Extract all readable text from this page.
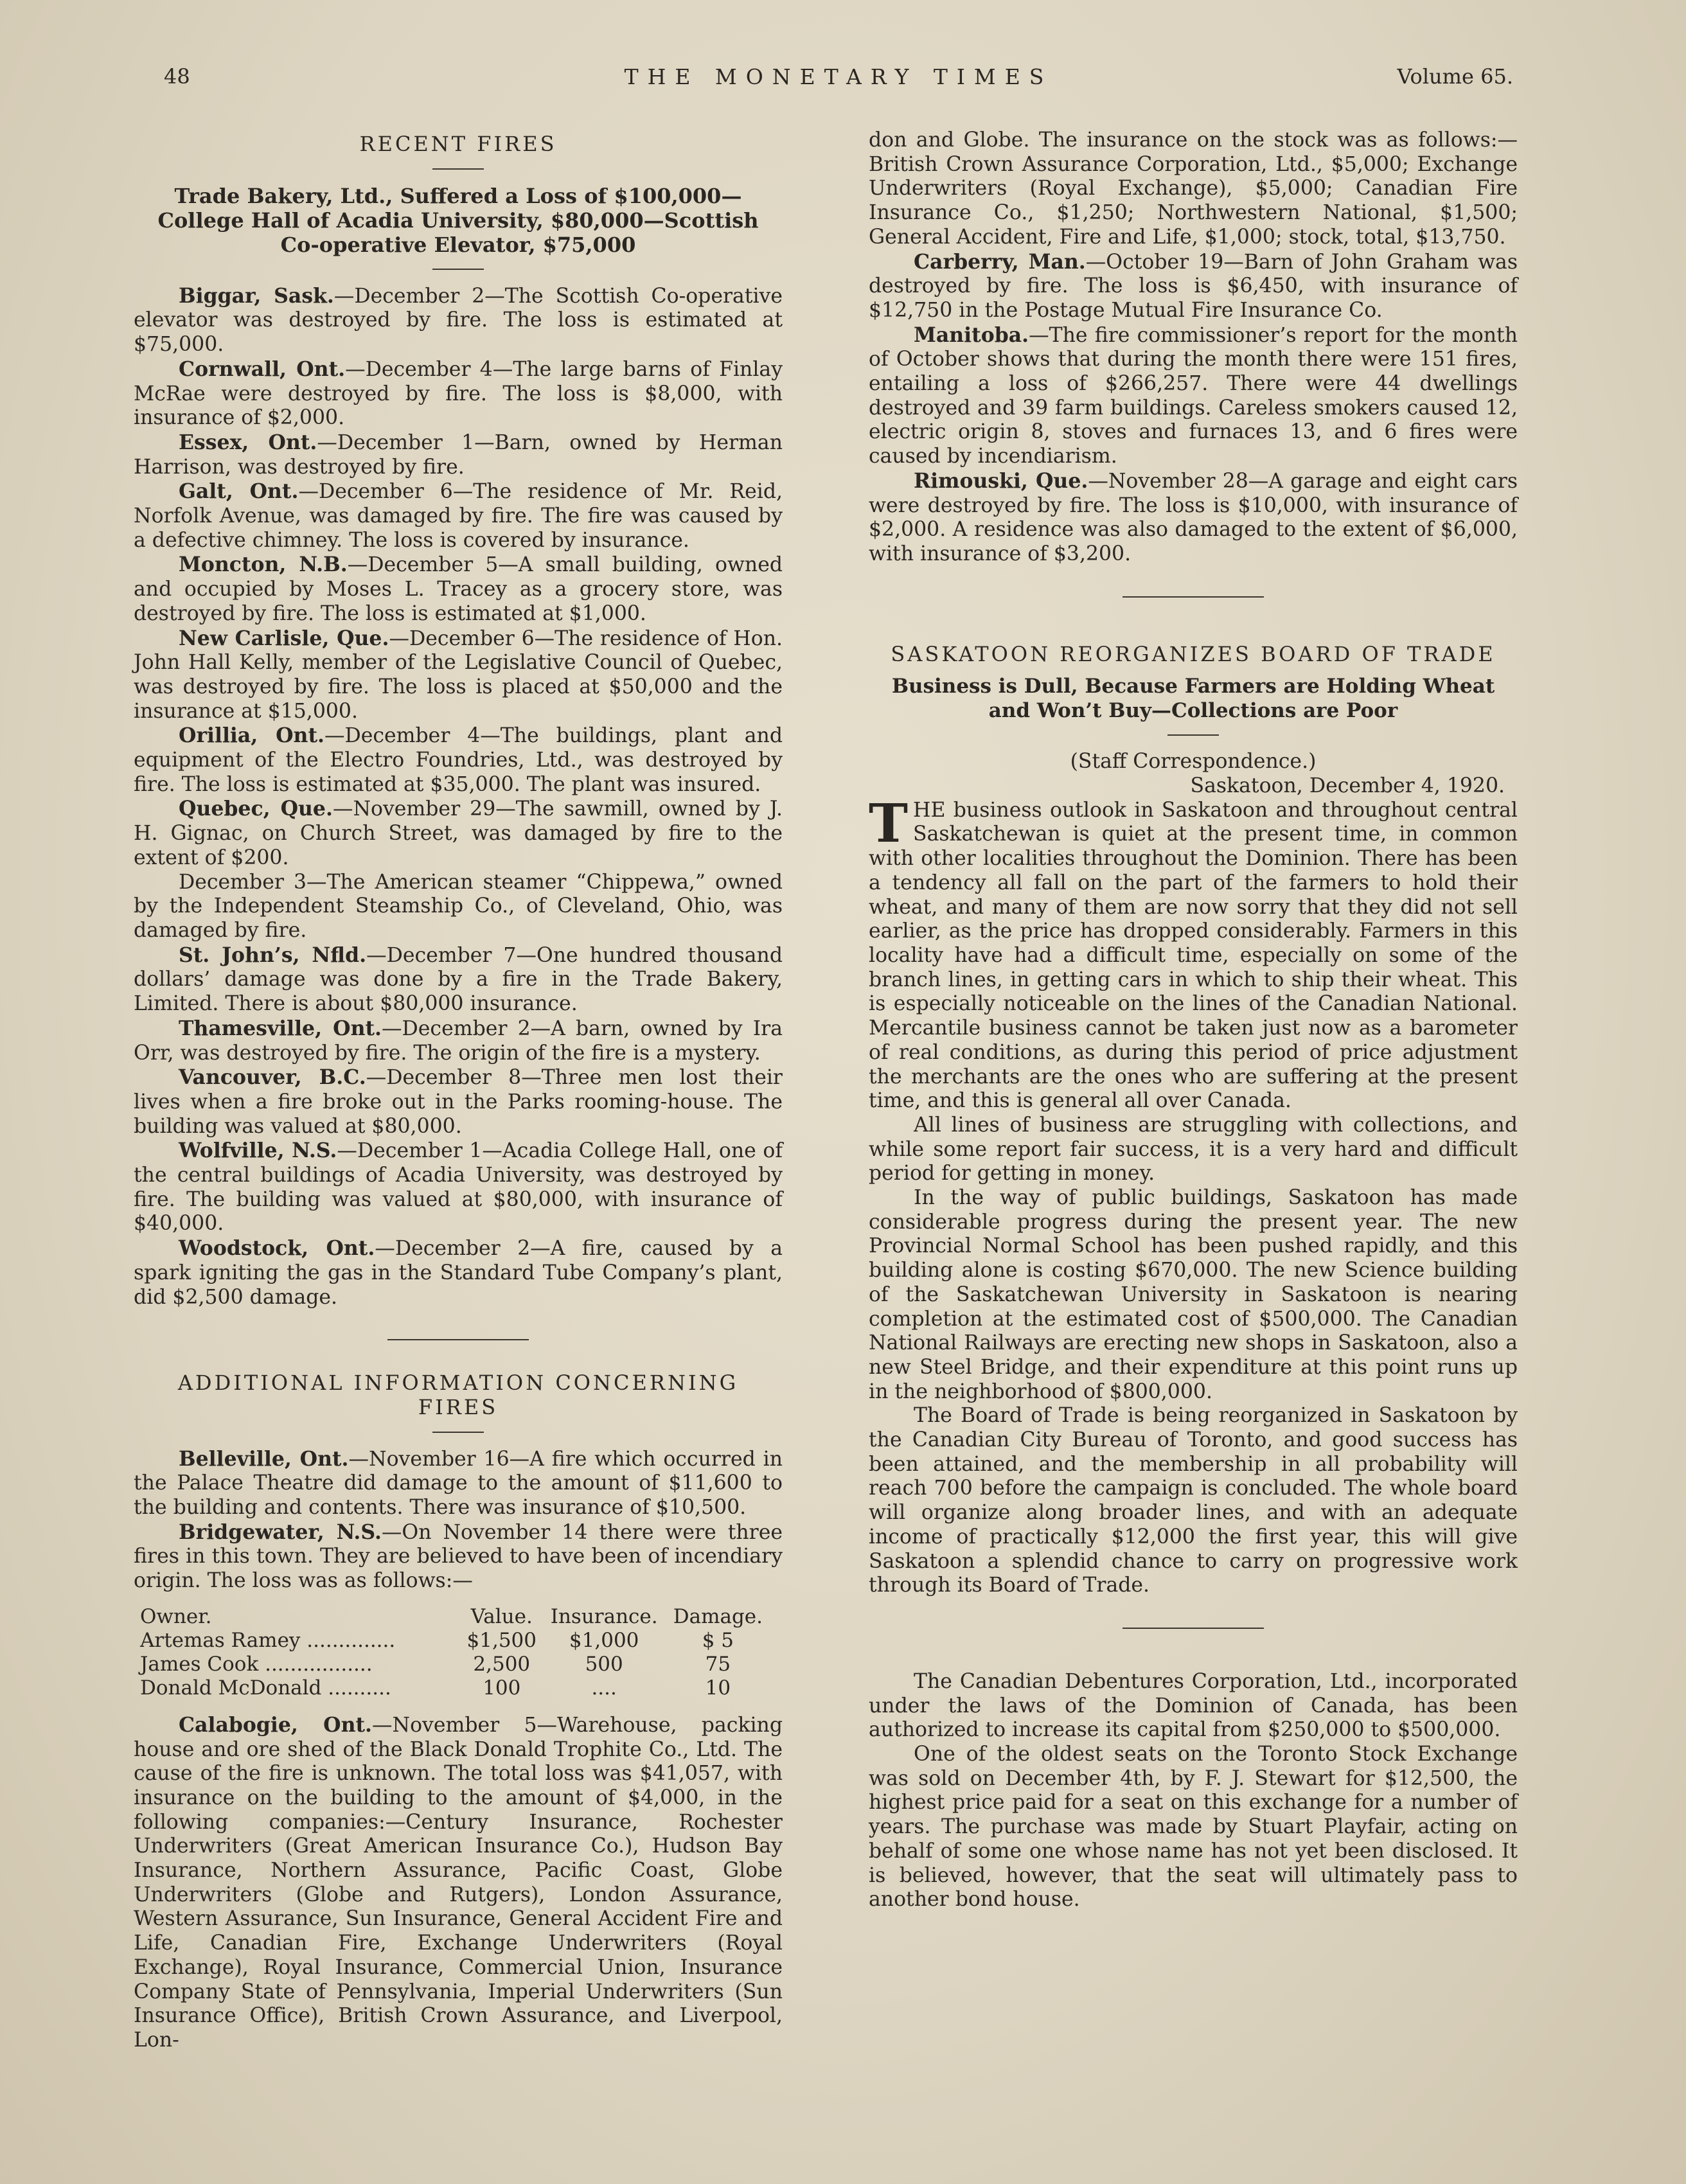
48	THE MONETARY TIMES	Volume 65.
RECENT FIRES
Trade Bakery, Ltd., Suffered a Loss of $100,000—College Hall of Acadia University, $80,000—Scottish Co-operative Elevator, $75,000

Biggar, Sask.—December 2—The Scottish Co-operative elevator was destroyed by fire. The loss is estimated at $75,000.

Cornwall, Ont.—December 4—The large barns of Finlay McRae were destroyed by fire. The loss is $8,000, with insurance of $2,000.

Essex, Ont.—December 1—Barn, owned by Herman Harrison, was destroyed by fire.

Galt, Ont.—December 6—The residence of Mr. Reid, Norfolk Avenue, was damaged by fire. The fire was caused by a defective chimney. The loss is covered by insurance.

Moncton, N.B.—December 5—A small building, owned and occupied by Moses L. Tracey as a grocery store, was destroyed by fire. The loss is estimated at $1,000.

New Carlisle, Que.—December 6—The residence of Hon. John Hall Kelly, member of the Legislative Council of Quebec, was destroyed by fire. The loss is placed at $50,000 and the insurance at $15,000.

Orillia, Ont.—December 4—The buildings, plant and equipment of the Electro Foundries, Ltd., was destroyed by fire. The loss is estimated at $35,000. The plant was insured.

Quebec, Que.—November 29—The sawmill, owned by J. H. Gignac, on Church Street, was damaged by fire to the extent of $200.

December 3—The American steamer “Chippewa,” owned by the Independent Steamship Co., of Cleveland, Ohio, was damaged by fire.

St. John’s, Nfld.—December 7—One hundred thousand dollars’ damage was done by a fire in the Trade Bakery, Limited. There is about $80,000 insurance.

Thamesville, Ont.—December 2—A barn, owned by Ira Orr, was destroyed by fire. The origin of the fire is a mystery.

Vancouver, B.C.—December 8—Three men lost their lives when a fire broke out in the Parks rooming-house. The building was valued at $80,000.

Wolfville, N.S.—December 1—Acadia College Hall, one of the central buildings of Acadia University, was destroyed by fire. The building was valued at $80,000, with insurance of $40,000.

Woodstock, Ont.—December 2—A fire, caused by a spark igniting the gas in the Standard Tube Company’s plant, did $2,500 damage.

ADDITIONAL INFORMATION CONCERNING FIRES

Belleville, Ont.—November 16—A fire which occurred in the Palace Theatre did damage to the amount of $11,600 to the building and contents. There was insurance of $10,500.

Bridgewater, N.S.—On November 14 there were three fires in this town. They are believed to have been of incendiary origin. The loss was as follows:—

Owner.	Value.	Insurance.	Damage.
Artemas Ramey ..............	$1,500	$1,000	$ 5
James Cook .................	2,500	500	75
Donald McDonald ..........	100	....	10

Calabogie, Ont.—November 5—Warehouse, packing house and ore shed of the Black Donald Trophite Co., Ltd. The cause of the fire is unknown. The total loss was $41,057, with insurance on the building to the amount of $4,000, in the following companies:—Century Insurance, Rochester Underwriters (Great American Insurance Co.), Hudson Bay Insurance, Northern Assurance, Pacific Coast, Globe Underwriters (Globe and Rutgers), London Assurance, Western Assurance, Sun Insurance, General Accident Fire and Life, Canadian Fire, Exchange Underwriters (Royal Exchange), Royal Insurance, Commercial Union, Insurance Company State of Pennsylvania, Imperial Underwriters (Sun Insurance Office), British Crown Assurance, and Liverpool, Lon-

don and Globe. The insurance on the stock was as follows:—British Crown Assurance Corporation, Ltd., $5,000; Exchange Underwriters (Royal Exchange), $5,000; Canadian Fire Insurance Co., $1,250; Northwestern National, $1,500; General Accident, Fire and Life, $1,000; stock, total, $13,750.

Carberry, Man.—October 19—Barn of John Graham was destroyed by fire. The loss is $6,450, with insurance of $12,750 in the Postage Mutual Fire Insurance Co.

Manitoba.—The fire commissioner’s report for the month of October shows that during the month there were 151 fires, entailing a loss of $266,257. There were 44 dwellings destroyed and 39 farm buildings. Careless smokers caused 12, electric origin 8, stoves and furnaces 13, and 6 fires were caused by incendiarism.

Rimouski, Que.—November 28—A garage and eight cars were destroyed by fire. The loss is $10,000, with insurance of $2,000. A residence was also damaged to the extent of $6,000, with insurance of $3,200.

SASKATOON REORGANIZES BOARD OF TRADE
Business is Dull, Because Farmers are Holding Wheat and Won’t Buy—Collections are Poor
(Staff Correspondence.)
Saskatoon, December 4, 1920.

THE business outlook in Saskatoon and throughout central Saskatchewan is quiet at the present time, in common with other localities throughout the Dominion. There has been a tendency all fall on the part of the farmers to hold their wheat, and many of them are now sorry that they did not sell earlier, as the price has dropped considerably. Farmers in this locality have had a difficult time, especially on some of the branch lines, in getting cars in which to ship their wheat. This is especially noticeable on the lines of the Canadian National. Mercantile business cannot be taken just now as a barometer of real conditions, as during this period of price adjustment the merchants are the ones who are suffering at the present time, and this is general all over Canada.

All lines of business are struggling with collections, and while some report fair success, it is a very hard and difficult period for getting in money.

In the way of public buildings, Saskatoon has made considerable progress during the present year. The new Provincial Normal School has been pushed rapidly, and this building alone is costing $670,000. The new Science building of the Saskatchewan University in Saskatoon is nearing completion at the estimated cost of $500,000. The Canadian National Railways are erecting new shops in Saskatoon, also a new Steel Bridge, and their expenditure at this point runs up in the neighborhood of $800,000.

The Board of Trade is being reorganized in Saskatoon by the Canadian City Bureau of Toronto, and good success has been attained, and the membership in all probability will reach 700 before the campaign is concluded. The whole board will organize along broader lines, and with an adequate income of practically $12,000 the first year, this will give Saskatoon a splendid chance to carry on progressive work through its Board of Trade.

The Canadian Debentures Corporation, Ltd., incorporated under the laws of the Dominion of Canada, has been authorized to increase its capital from $250,000 to $500,000.

One of the oldest seats on the Toronto Stock Exchange was sold on December 4th, by F. J. Stewart for $12,500, the highest price paid for a seat on this exchange for a number of years. The purchase was made by Stuart Playfair, acting on behalf of some one whose name has not yet been disclosed. It is believed, however, that the seat will ultimately pass to another bond house.
